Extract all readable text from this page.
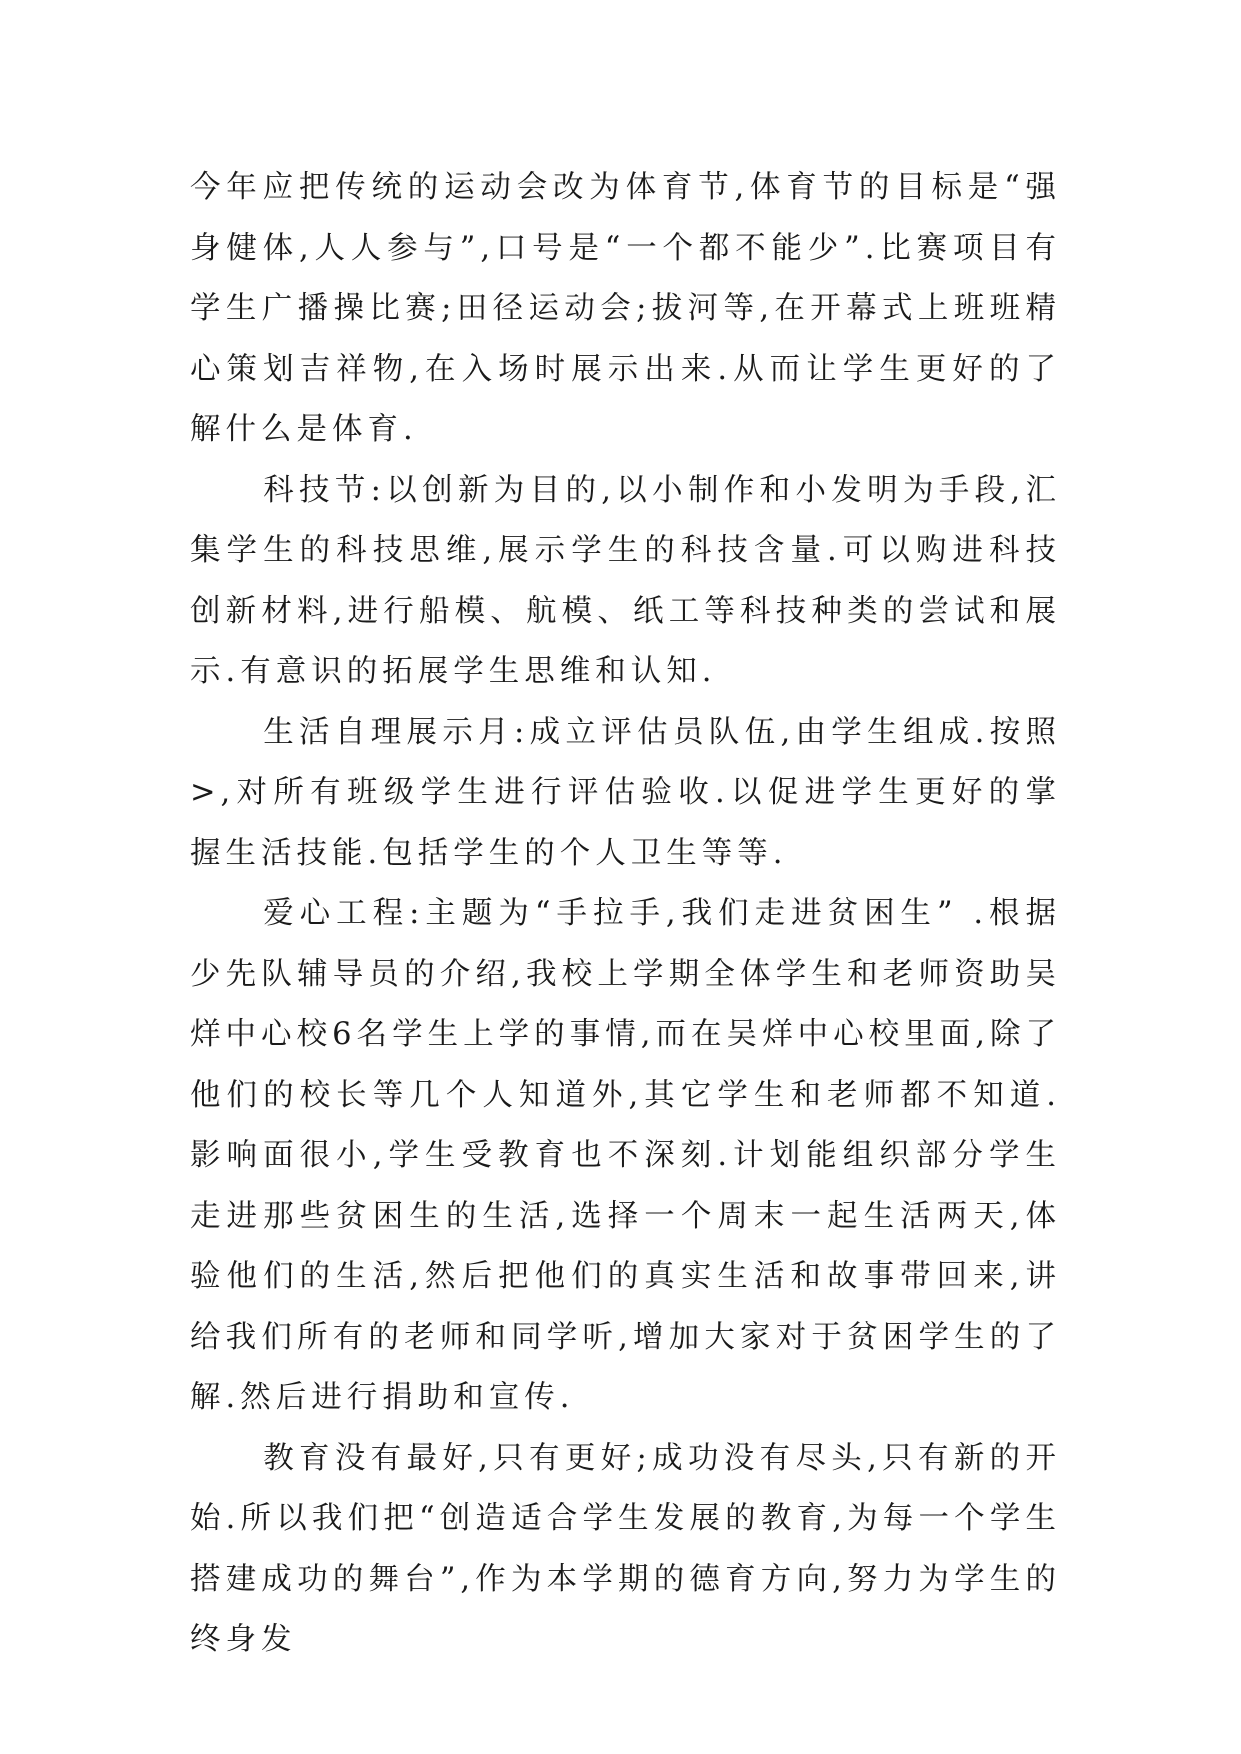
今年应把传统的运动会改为体育节,体育节的目标是“强身健体,人人参与”,口号是“一个都不能少”.比赛项目有学生广播操比赛;田径运动会;拔河等,在开幕式上班班精心策划吉祥物,在入场时展示出来.从而让学生更好的了解什么是体育.

科技节:以创新为目的,以小制作和小发明为手段,汇集学生的科技思维,展示学生的科技含量.可以购进科技创新材料,进行船模、航模、纸工等科技种类的尝试和展示.有意识的拓展学生思维和认知.

生活自理展示月:成立评估员队伍,由学生组成.按照>,对所有班级学生进行评估验收.以促进学生更好的掌握生活技能.包括学生的个人卫生等等.

爱心工程:主题为“手拉手,我们走进贫困生” .根据少先队辅导员的介绍,我校上学期全体学生和老师资助吴烊中心校6名学生上学的事情,而在吴烊中心校里面,除了他们的校长等几个人知道外,其它学生和老师都不知道.影响面很小,学生受教育也不深刻.计划能组织部分学生走进那些贫困生的生活,选择一个周末一起生活两天,体验他们的生活,然后把他们的真实生活和故事带回来,讲给我们所有的老师和同学听,增加大家对于贫困学生的了解.然后进行捐助和宣传.

教育没有最好,只有更好;成功没有尽头,只有新的开始.所以我们把“创造适合学生发展的教育,为每一个学生搭建成功的舞台”,作为本学期的德育方向,努力为学生的终身发
